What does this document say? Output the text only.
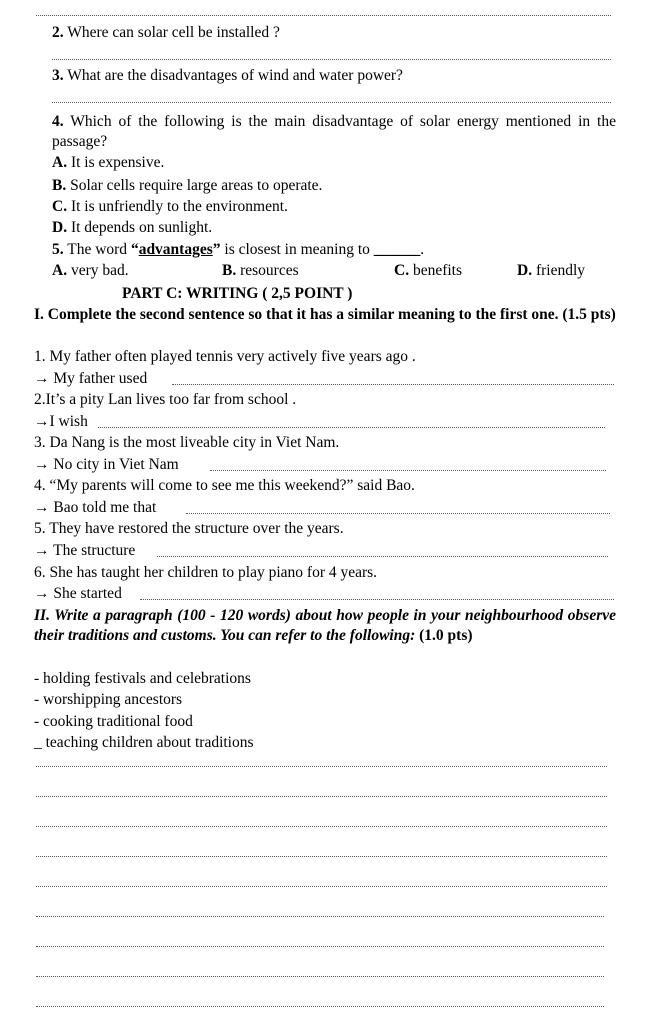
2. Where can solar cell be installed ?
3. What are the disadvantages of wind and water power?
4. Which of the following is the main disadvantage of solar energy mentioned in the passage?
A. It is expensive.
B. Solar cells require large areas to operate.
C. It is unfriendly to the environment.
D. It depends on sunlight.
5. The word “advantages” is closest in meaning to ______.
A. very bad.	B. resources	C. benefits	D. friendly
PART C: WRITING ( 2,5 POINT )
I. Complete the second sentence so that it has a similar meaning to the first one. (1.5 pts)
1. My father often played tennis very actively five years ago .
→ My father used
2.It’s a pity Lan lives too far from school .
→I wish
3. Da Nang is the most liveable city in Viet Nam.
→ No city in Viet Nam
4. “My parents will come to see me this weekend?” said Bao.
→ Bao told me that
5. They have restored the structure over the years.
→ The structure
6. She has taught her children to play piano for 4 years.
→ She started
II. Write a paragraph (100 - 120 words) about how people in your neighbourhood observe their traditions and customs. You can refer to the following: (1.0 pts)
- holding festivals and celebrations
- worshipping ancestors
- cooking traditional food
_ teaching children about traditions
